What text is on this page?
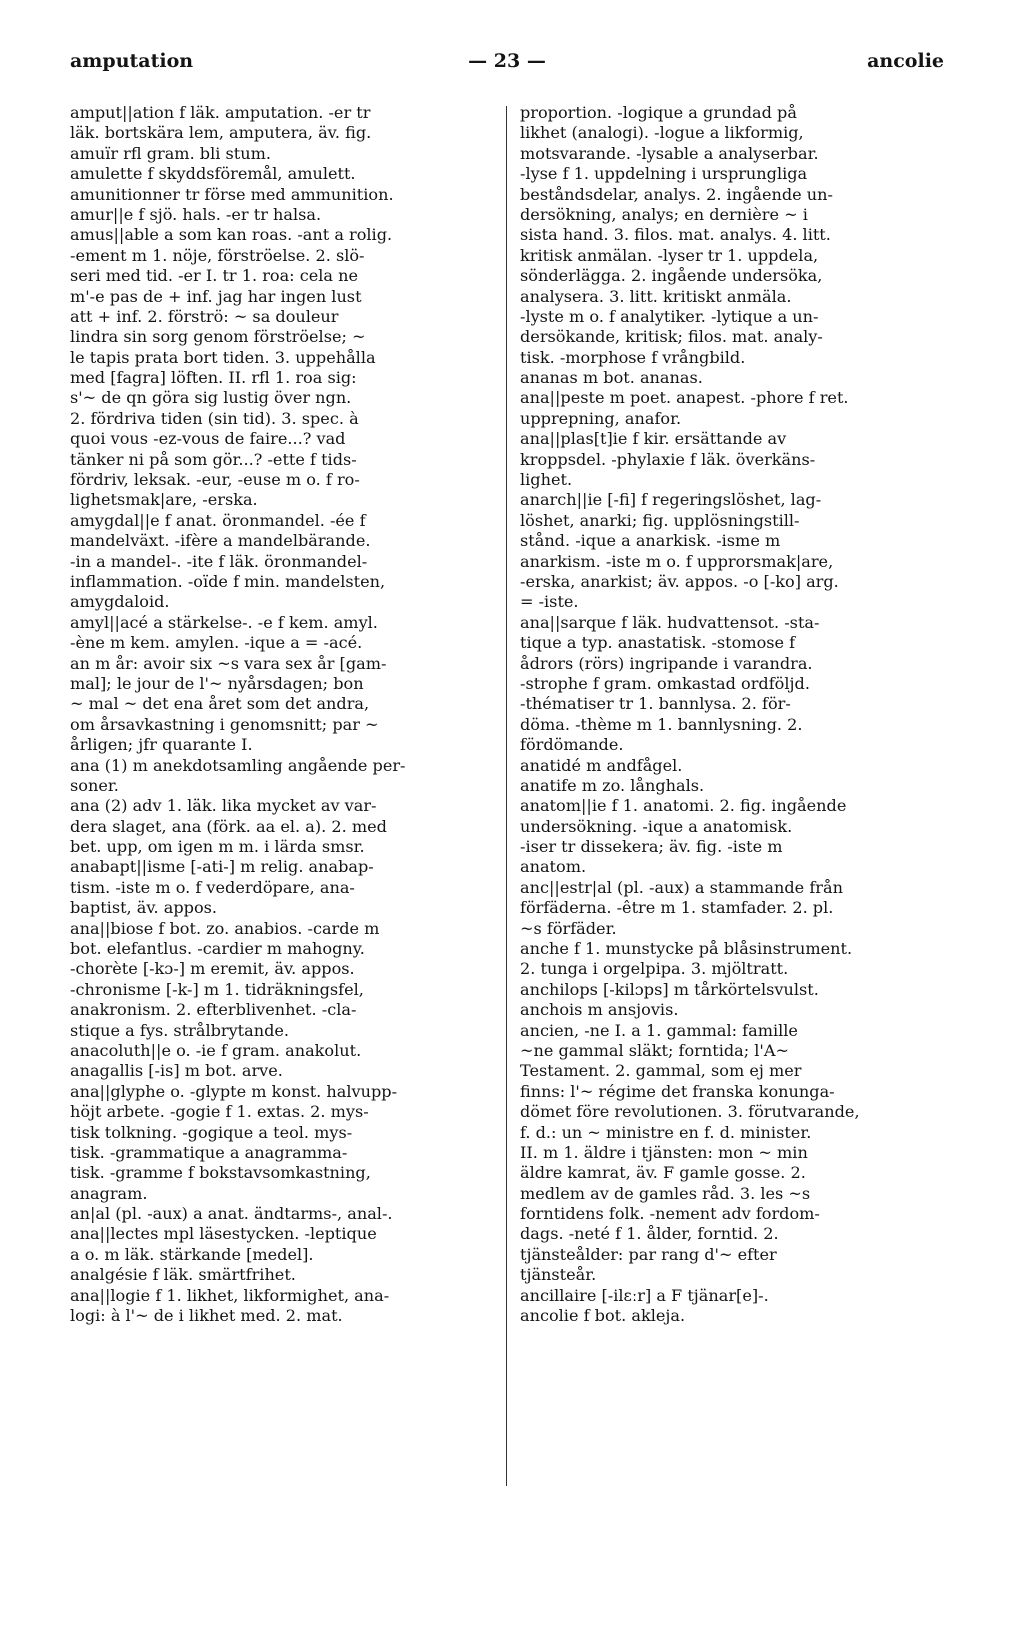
amputation	— 23 —	ancolie
amput||ation f läk. amputation. -er tr
läk. bortskära lem, amputera, äv. fig.
amuïr rfl gram. bli stum.
amulette f skyddsföremål, amulett.
amunitionner tr förse med ammunition.
amur||e f sjö. hals. -er tr halsa.
amus||able a som kan roas. -ant a rolig.
-ement m 1. nöje, förströelse. 2. slö-
seri med tid. -er I. tr 1. roa: cela ne
m'-e pas de + inf. jag har ingen lust
att + inf. 2. förströ: ~ sa douleur
lindra sin sorg genom förströelse; ~
le tapis prata bort tiden. 3. uppehålla
med [fagra] löften. II. rfl 1. roa sig:
s'~ de qn göra sig lustig över ngn.
2. fördriva tiden (sin tid). 3. spec. à
quoi vous -ez-vous de faire...? vad
tänker ni på som gör...? -ette f tids-
fördriv, leksak. -eur, -euse m o. f ro-
lighetsmak|are, -erska.
amygdal||e f anat. öronmandel. -ée f
mandelväxt. -ifère a mandelbärande.
-in a mandel-. -ite f läk. öronmandel-
inflammation. -oïde f min. mandelsten,
amygdaloid.
amyl||acé a stärkelse-. -e f kem. amyl.
-ène m kem. amylen. -ique a = -acé.
an m år: avoir six ~s vara sex år [gam-
mal]; le jour de l'~ nyårsdagen; bon
~ mal ~ det ena året som det andra,
om årsavkastning i genomsnitt; par ~
årligen; jfr quarante I.
ana (1) m anekdotsamling angående per-
soner.
ana (2) adv 1. läk. lika mycket av var-
dera slaget, ana (förk. aa el. a). 2. med
bet. upp, om igen m m. i lärda smsr.
anabapt||isme [-ati-] m relig. anabap-
tism. -iste m o. f vederdöpare, ana-
baptist, äv. appos.
ana||biose f bot. zo. anabios. -carde m
bot. elefantlus. -cardier m mahogny.
-chorète [-kɔ-] m eremit, äv. appos.
-chronisme [-k-] m 1. tidräkningsfel,
anakronism. 2. efterblivenhet. -cla-
stique a fys. strålbrytande.
anacoluth||e o. -ie f gram. anakolut.
anagallis [-is] m bot. arve.
ana||glyphe o. -glypte m konst. halvupp-
höjt arbete. -gogie f 1. extas. 2. mys-
tisk tolkning. -gogique a teol. mys-
tisk. -grammatique a anagramma-
tisk. -gramme f bokstavsomkastning,
anagram.
an|al (pl. -aux) a anat. ändtarms-, anal-.
ana||lectes mpl läsestycken. -leptique
a o. m läk. stärkande [medel].
analgésie f läk. smärtfrihet.
ana||logie f 1. likhet, likformighet, ana-
logi: à l'~ de i likhet med. 2. mat.
proportion. -logique a grundad på
likhet (analogi). -logue a likformig,
motsvarande. -lysable a analyserbar.
-lyse f 1. uppdelning i ursprungliga
beståndsdelar, analys. 2. ingående un-
dersökning, analys; en dernière ~ i
sista hand. 3. filos. mat. analys. 4. litt.
kritisk anmälan. -lyser tr 1. uppdela,
sönderlägga. 2. ingående undersöka,
analysera. 3. litt. kritiskt anmäla.
-lyste m o. f analytiker. -lytique a un-
dersökande, kritisk; filos. mat. analy-
tisk. -morphose f vrångbild.
ananas m bot. ananas.
ana||peste m poet. anapest. -phore f ret.
upprepning, anafor.
ana||plas[t]ie f kir. ersättande av
kroppsdel. -phylaxie f läk. överkäns-
lighet.
anarch||ie [-fi] f regeringslöshet, lag-
löshet, anarki; fig. upplösningstill-
stånd. -ique a anarkisk. -isme m
anarkism. -iste m o. f upprorsmak|are,
-erska, anarkist; äv. appos. -o [-ko] arg.
= -iste.
ana||sarque f läk. hudvattensot. -sta-
tique a typ. anastatisk. -stomose f
ådrors (rörs) ingripande i varandra.
-strophe f gram. omkastad ordföljd.
-thématiser tr 1. bannlysa. 2. för-
döma. -thème m 1. bannlysning. 2.
fördömande.
anatidé m andfågel.
anatife m zo. långhals.
anatom||ie f 1. anatomi. 2. fig. ingående
undersökning. -ique a anatomisk.
-iser tr dissekera; äv. fig. -iste m
anatom.
anc||estr|al (pl. -aux) a stammande från
förfäderna. -être m 1. stamfader. 2. pl.
~s förfäder.
anche f 1. munstycke på blåsinstrument.
2. tunga i orgelpipa. 3. mjöltratt.
anchilops [-kilɔps] m tårkörtelsvulst.
anchois m ansjovis.
ancien, -ne I. a 1. gammal: famille
~ne gammal släkt; forntida; l'A~
Testament. 2. gammal, som ej mer
finns: l'~ régime det franska konunga-
dömet före revolutionen. 3. förutvarande,
f. d.: un ~ ministre en f. d. minister.
II. m 1. äldre i tjänsten: mon ~ min
äldre kamrat, äv. F gamle gosse. 2.
medlem av de gamles råd. 3. les ~s
forntidens folk. -nement adv fordom-
dags. -neté f 1. ålder, forntid. 2.
tjänsteålder: par rang d'~ efter
tjänsteår.
ancillaire [-ilɛːr] a F tjänar[e]-.
ancolie f bot. akleja.
